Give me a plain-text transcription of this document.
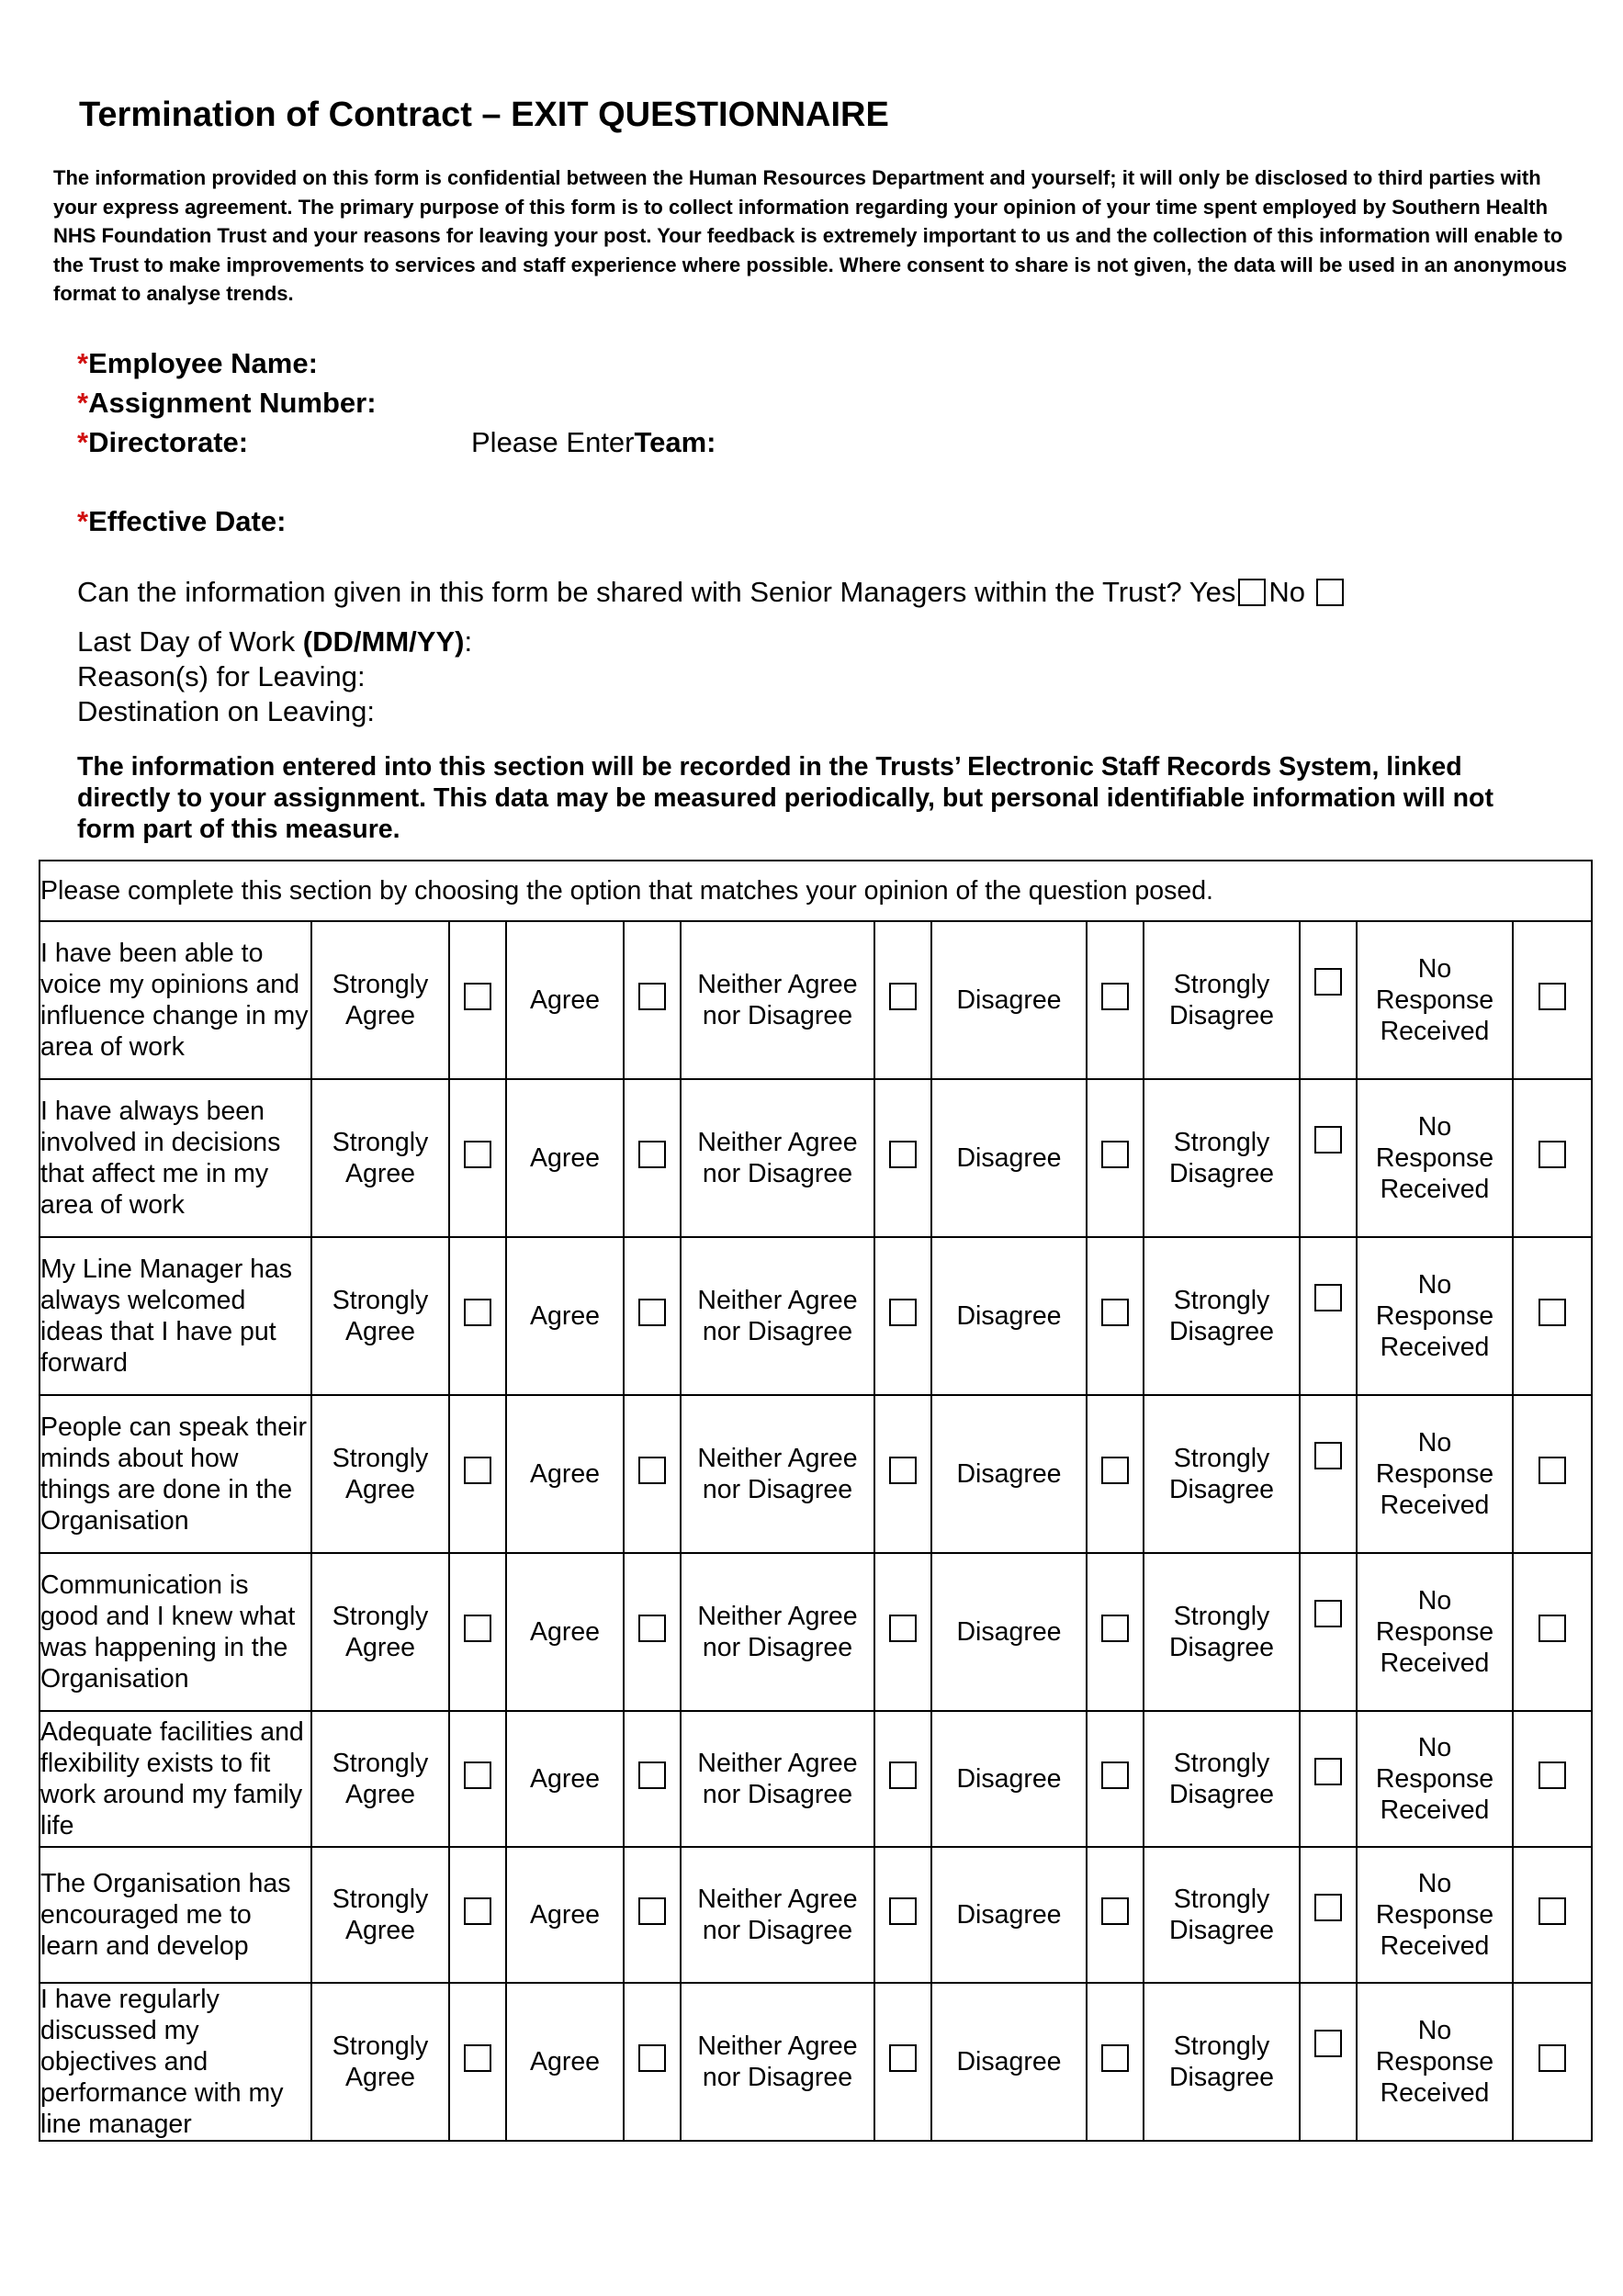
Termination of Contract – EXIT QUESTIONNAIRE
The information provided on this form is confidential between the Human Resources Department and yourself; it will only be disclosed to third parties with your express agreement. The primary purpose of this form is to collect information regarding your opinion of your time spent employed by Southern Health NHS Foundation Trust and your reasons for leaving your post. Your feedback is extremely important to us and the collection of this information will enable to the Trust to make improvements to services and staff experience where possible. Where consent to share is not given, the data will be used in an anonymous format to analyse trends.
*Employee Name:
*Assignment Number:
*Directorate:	Please EnterTeam:
*Effective Date:
Can the information given in this form be shared with Senior Managers within the Trust? Yes No
Last Day of Work (DD/MM/YY):
Reason(s) for Leaving:
Destination on Leaving:
The information entered into this section will be recorded in the Trusts’ Electronic Staff Records System, linked directly to your assignment. This data may be measured periodically, but personal identifiable information will not form part of this measure.
Please complete this section by choosing the option that matches your opinion of the question posed.												
I have been able to voice my opinions and influence change in my area of work	Strongly Agree		Agree		Neither Agree nor Disagree		Disagree		Strongly Disagree		No Response Received	
I have always been involved in decisions that affect me in my area of work	Strongly Agree		Agree		Neither Agree nor Disagree		Disagree		Strongly Disagree		No Response Received	
My Line Manager has always welcomed ideas that I have put forward	Strongly Agree		Agree		Neither Agree nor Disagree		Disagree		Strongly Disagree		No Response Received	
People can speak their minds about how things are done in the Organisation	Strongly Agree		Agree		Neither Agree nor Disagree		Disagree		Strongly Disagree		No Response Received	
Communication is good and I knew what was happening in the Organisation	Strongly Agree		Agree		Neither Agree nor Disagree		Disagree		Strongly Disagree		No Response Received	
Adequate facilities and flexibility exists to fit work around my family life	Strongly Agree		Agree		Neither Agree nor Disagree		Disagree		Strongly Disagree		No Response Received	
The Organisation has encouraged me to learn and develop	Strongly Agree		Agree		Neither Agree nor Disagree		Disagree		Strongly Disagree		No Response Received	
I have regularly discussed my objectives and performance with my line manager	Strongly Agree		Agree		Neither Agree nor Disagree		Disagree		Strongly Disagree		No Response Received	
